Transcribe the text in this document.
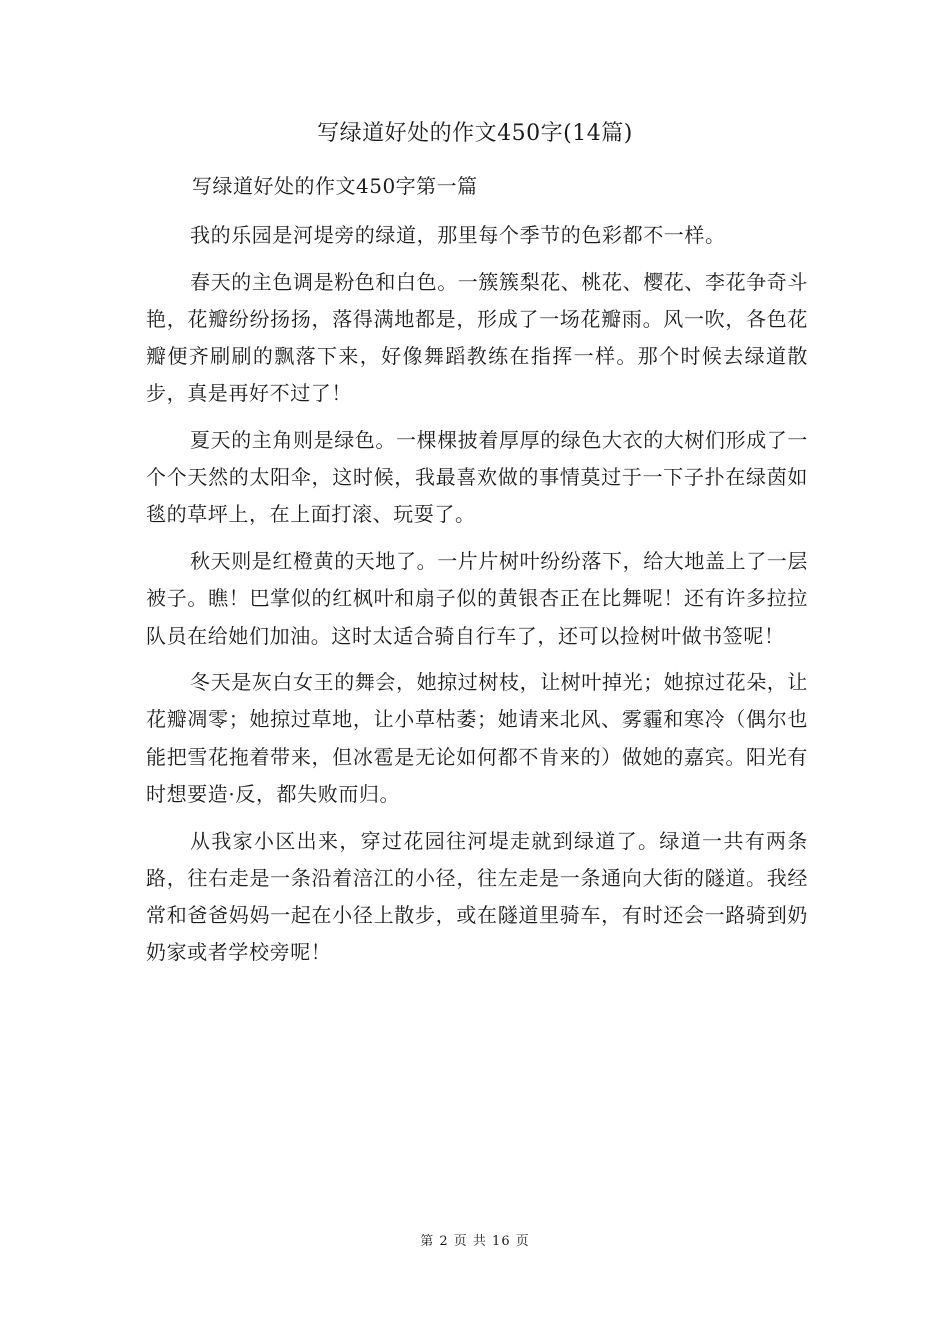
写绿道好处的作文450字(14篇)
写绿道好处的作文450字第一篇

我的乐园是河堤旁的绿道，那里每个季节的色彩都不一样。

春天的主色调是粉色和白色。一簇簇梨花、桃花、樱花、李花争奇斗艳，花瓣纷纷扬扬，落得满地都是，形成了一场花瓣雨。风一吹，各色花瓣便齐刷刷的飘落下来，好像舞蹈教练在指挥一样。那个时候去绿道散步，真是再好不过了！

夏天的主角则是绿色。一棵棵披着厚厚的绿色大衣的大树们形成了一个个天然的太阳伞，这时候，我最喜欢做的事情莫过于一下子扑在绿茵如毯的草坪上，在上面打滚、玩耍了。

秋天则是红橙黄的天地了。一片片树叶纷纷落下，给大地盖上了一层被子。瞧！巴掌似的红枫叶和扇子似的黄银杏正在比舞呢！还有许多拉拉队员在给她们加油。这时太适合骑自行车了，还可以捡树叶做书签呢！

冬天是灰白女王的舞会，她掠过树枝，让树叶掉光；她掠过花朵，让花瓣凋零；她掠过草地，让小草枯萎；她请来北风、雾霾和寒冷（偶尔也能把雪花拖着带来，但冰雹是无论如何都不肯来的）做她的嘉宾。阳光有时想要造·反，都失败而归。

从我家小区出来，穿过花园往河堤走就到绿道了。绿道一共有两条路，往右走是一条沿着涪江的小径，往左走是一条通向大街的隧道。我经常和爸爸妈妈一起在小径上散步，或在隧道里骑车，有时还会一路骑到奶奶家或者学校旁呢！

第 2 页 共 16 页
